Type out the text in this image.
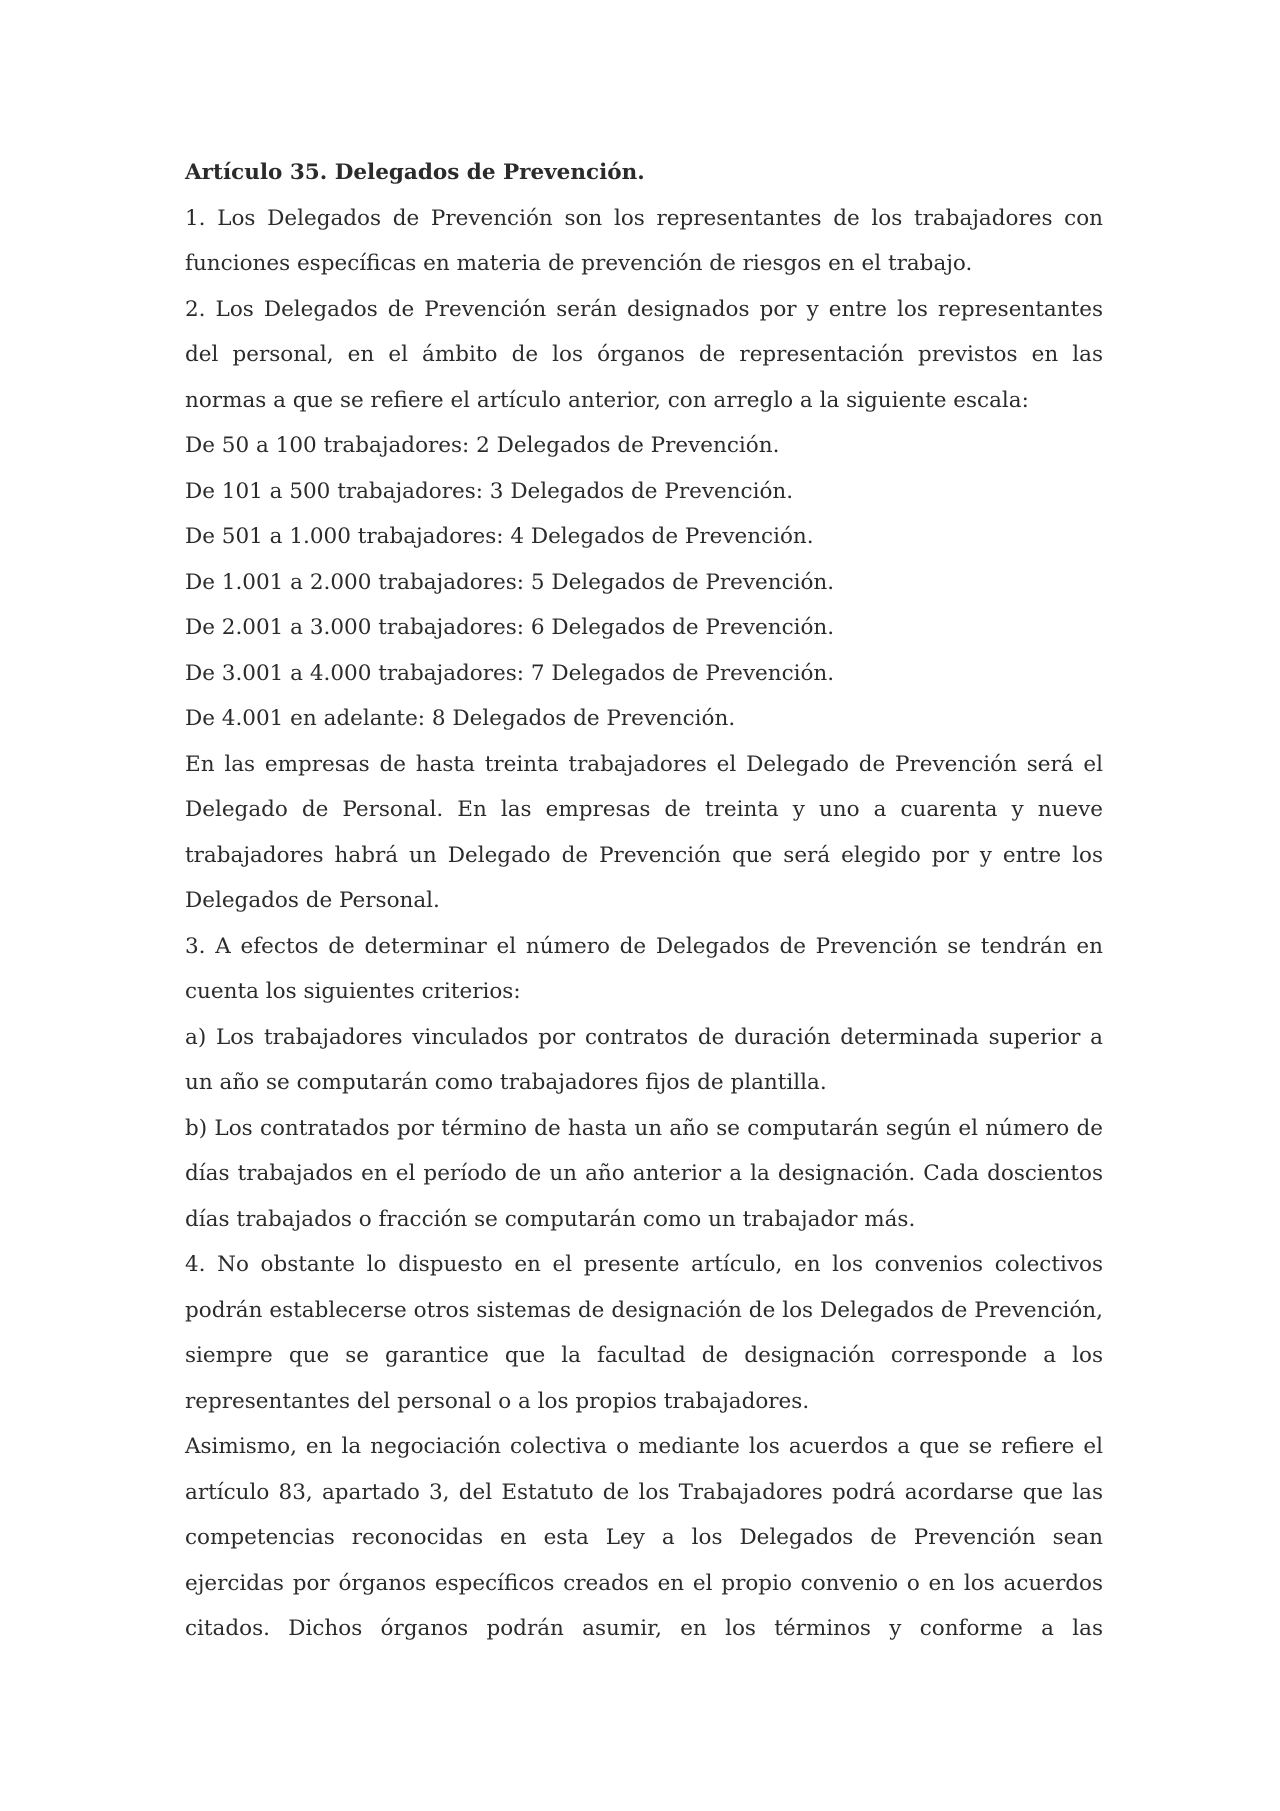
Artículo 35. Delegados de Prevención.

1. Los Delegados de Prevención son los representantes de los trabajadores con funciones específicas en materia de prevención de riesgos en el trabajo.

2. Los Delegados de Prevención serán designados por y entre los representantes del personal, en el ámbito de los órganos de representación previstos en las normas a que se refiere el artículo anterior, con arreglo a la siguiente escala:

De 50 a 100 trabajadores: 2 Delegados de Prevención.

De 101 a 500 trabajadores: 3 Delegados de Prevención.

De 501 a 1.000 trabajadores: 4 Delegados de Prevención.

De 1.001 a 2.000 trabajadores: 5 Delegados de Prevención.

De 2.001 a 3.000 trabajadores: 6 Delegados de Prevención.

De 3.001 a 4.000 trabajadores: 7 Delegados de Prevención.

De 4.001 en adelante: 8 Delegados de Prevención.

En las empresas de hasta treinta trabajadores el Delegado de Prevención será el Delegado de Personal. En las empresas de treinta y uno a cuarenta y nueve trabajadores habrá un Delegado de Prevención que será elegido por y entre los Delegados de Personal.

3. A efectos de determinar el número de Delegados de Prevención se tendrán en cuenta los siguientes criterios:

a) Los trabajadores vinculados por contratos de duración determinada superior a un año se computarán como trabajadores fijos de plantilla.

b) Los contratados por término de hasta un año se computarán según el número de días trabajados en el período de un año anterior a la designación. Cada doscientos días trabajados o fracción se computarán como un trabajador más.

4. No obstante lo dispuesto en el presente artículo, en los convenios colectivos podrán establecerse otros sistemas de designación de los Delegados de Prevención, siempre que se garantice que la facultad de designación corresponde a los representantes del personal o a los propios trabajadores.

Asimismo, en la negociación colectiva o mediante los acuerdos a que se refiere el artículo 83, apartado 3, del Estatuto de los Trabajadores podrá acordarse que las competencias reconocidas en esta Ley a los Delegados de Prevención sean ejercidas por órganos específicos creados en el propio convenio o en los acuerdos citados. Dichos órganos podrán asumir, en los términos y conforme a las
